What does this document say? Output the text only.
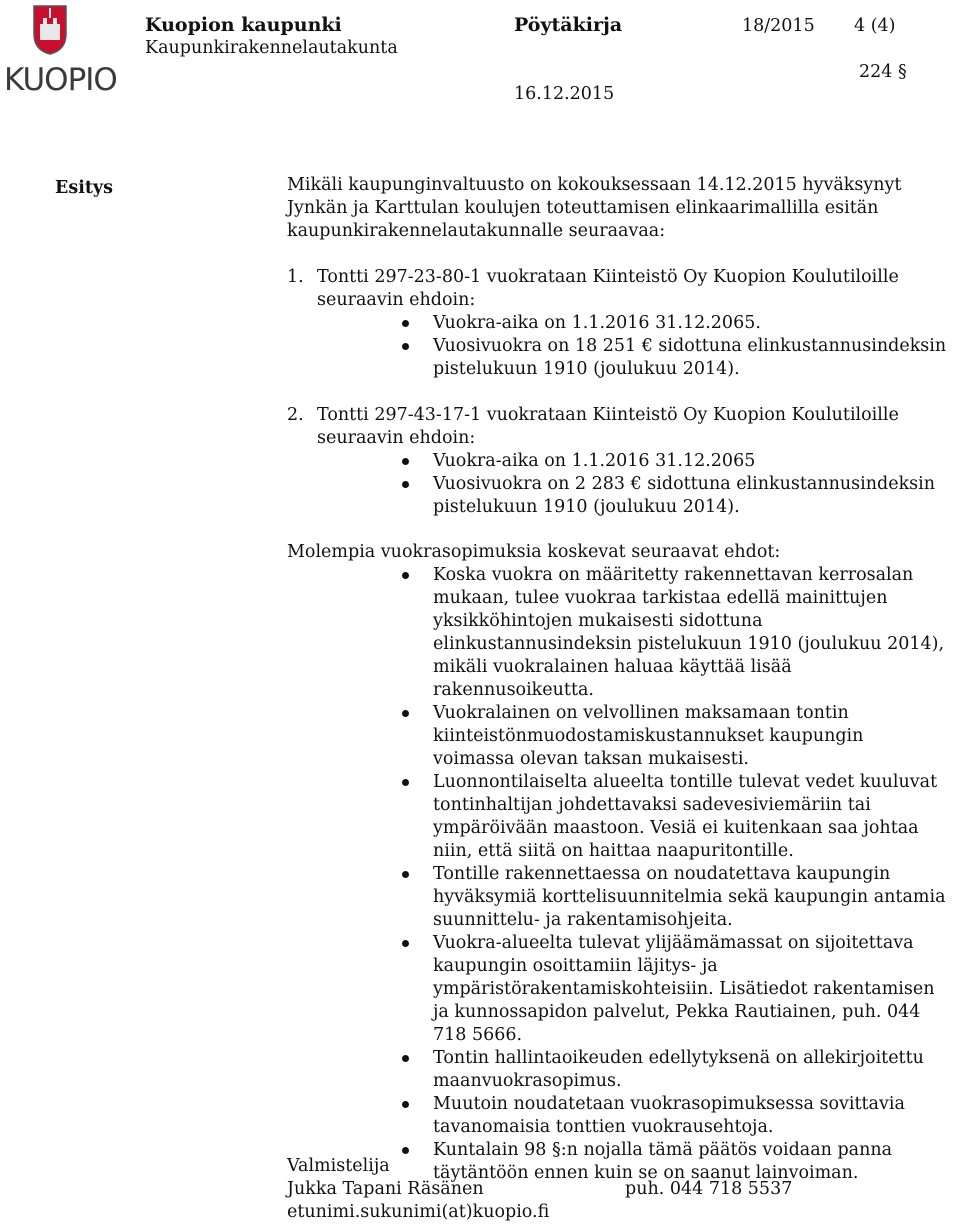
KUOPIO
Kuopion kaupunki
Kaupunkirakennelautakunta
Pöytäkirja	18/2015 4 (4)
224 §
16.12.2015
Esitys	Mikäli kaupunginvaltuusto on kokouksessaan 14.12.2015 hyväksynyt Jynkän ja Karttulan koulujen toteuttamisen elinkaarimallilla esitän kaupunkirakennelautakunnalle seuraavaa:
1. Tontti 297-23-80-1 vuokrataan Kiinteistö Oy Kuopion Koulutiloille seuraavin ehdoin:
Vuokra-aika on 1.1.2016 31.12.2065.
Vuosivuokra on 18 251 € sidottuna elinkustannusindeksin pistelukuun 1910 (joulukuu 2014).
2. Tontti 297-43-17-1 vuokrataan Kiinteistö Oy Kuopion Koulutiloille seuraavin ehdoin:
Vuokra-aika on 1.1.2016 31.12.2065
Vuosivuokra on 2 283 € sidottuna elinkustannusindeksin pistelukuun 1910 (joulukuu 2014).
Molempia vuokrasopimuksia koskevat seuraavat ehdot:
Koska vuokra on määritetty rakennettavan kerrosalan mukaan, tulee vuokraa tarkistaa edellä mainittujen yksikköhintojen mukaisesti sidottuna elinkustannusindeksin pistelukuun 1910 (joulukuu 2014), mikäli vuokralainen haluaa käyttää lisää rakennusoikeutta.
Vuokralainen on velvollinen maksamaan tontin kiinteistönmuodostamiskustannukset kaupungin voimassa olevan taksan mukaisesti.
Luonnontilaiselta alueelta tontille tulevat vedet kuuluvat tontinhaltijan johdettavaksi sadevesiviemäriin tai ympäröivään maastoon. Vesiä ei kuitenkaan saa johtaa niin, että siitä on haittaa naapuritontille.
Tontille rakennettaessa on noudatettava kaupungin hyväksymiä korttelisuunnitelmia sekä kaupungin antamia suunnittelu- ja rakentamisohjeita.
Vuokra-alueelta tulevat ylijäämämassat on sijoitettava kaupungin osoittamiin läjitys- ja ympäristörakentamiskohteisiin. Lisätiedot rakentamisen ja kunnossapidon palvelut, Pekka Rautiainen, puh. 044 718 5666.
Tontin hallintaoikeuden edellytyksenä on allekirjoitettu maanvuokrasopimus.
Muutoin noudatetaan vuokrasopimuksessa sovittavia tavanomaisia tonttien vuokrausehtoja.
Kuntalain 98 §:n nojalla tämä päätös voidaan panna täytäntöön ennen kuin se on saanut lainvoiman.
Valmistelija
Jukka Tapani Räsänen	puh. 044 718 5537
etunimi.sukunimi(at)kuopio.fi
